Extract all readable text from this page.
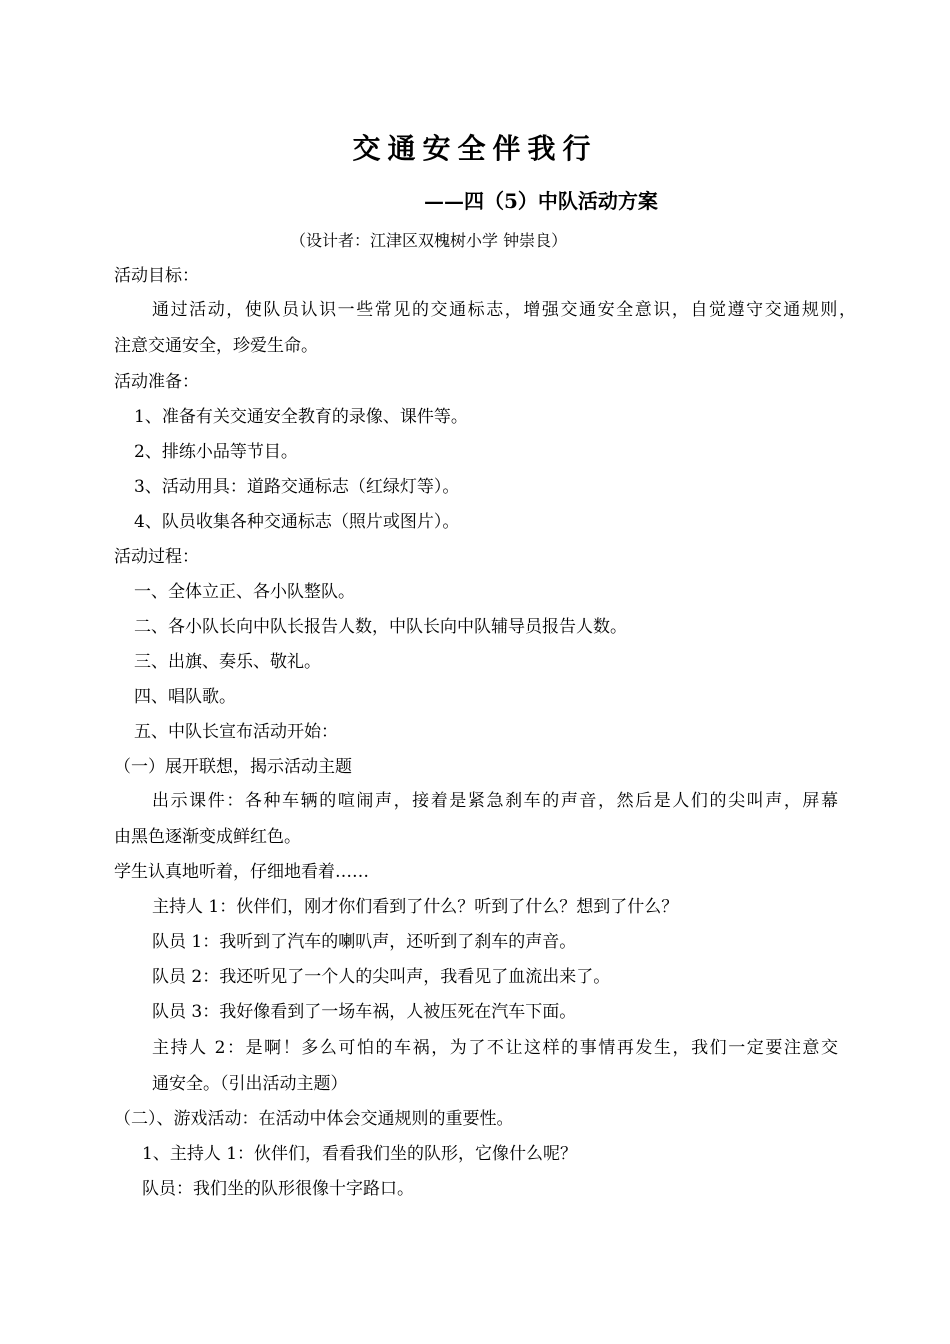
交通安全伴我行
——四（5）中队活动方案
（设计者：江津区双槐树小学 钟崇良）
活动目标：
通过活动，使队员认识一些常见的交通标志，增强交通安全意识，自觉遵守交通规则，
注意交通安全，珍爱生命。
活动准备：
1、准备有关交通安全教育的录像、课件等。
2、排练小品等节目。
3、活动用具：道路交通标志（红绿灯等）。
4、队员收集各种交通标志（照片或图片）。
活动过程：
一、全体立正、各小队整队。
二、各小队长向中队长报告人数，中队长向中队辅导员报告人数。
三、出旗、奏乐、敬礼。
四、唱队歌。
五、中队长宣布活动开始：
（一）展开联想，揭示活动主题
出示课件：各种车辆的喧闹声，接着是紧急刹车的声音，然后是人们的尖叫声，屏幕
由黑色逐渐变成鲜红色。
学生认真地听着，仔细地看着……
主持人 1：伙伴们，刚才你们看到了什么？听到了什么？想到了什么？
队员 1：我听到了汽车的喇叭声，还听到了刹车的声音。
队员 2：我还听见了一个人的尖叫声，我看见了血流出来了。
队员 3：我好像看到了一场车祸，人被压死在汽车下面。
主持人 2：是啊！多么可怕的车祸，为了不让这样的事情再发生，我们一定要注意交
通安全。（引出活动主题）
（二）、游戏活动：在活动中体会交通规则的重要性。
1、主持人 1：伙伴们，看看我们坐的队形，它像什么呢？
队员：我们坐的队形很像十字路口。
